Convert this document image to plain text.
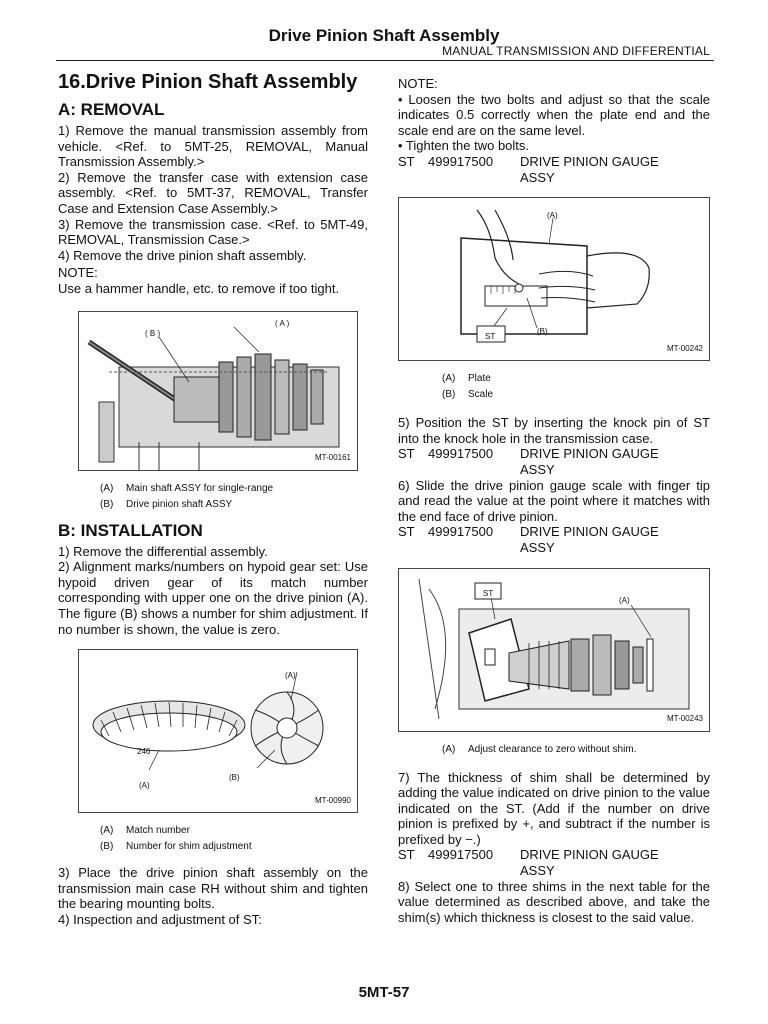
Drive Pinion Shaft Assembly
MANUAL TRANSMISSION AND DIFFERENTIAL
16.Drive Pinion Shaft Assembly
A: REMOVAL

1) Remove the manual transmission assembly from vehicle. <Ref. to 5MT-25, REMOVAL, Manual Transmission Assembly.>

2) Remove the transfer case with extension case assembly. <Ref. to 5MT-37, REMOVAL, Transfer Case and Extension Case Assembly.>

3) Remove the transmission case. <Ref. to 5MT-49, REMOVAL, Transmission Case.>

4) Remove the drive pinion shaft assembly.

NOTE:

Use a hammer handle, etc. to remove if too tight.

( A )
( B )
MT-00161
(A)	Main shaft ASSY for single-range
(B)	Drive pinion shaft ASSY
B: INSTALLATION

1) Remove the differential assembly.

2) Alignment marks/numbers on hypoid gear set: Use hypoid driven gear of its match number corresponding with upper one on the drive pinion (A). The figure (B) shows a number for shim adjustment. If no number is shown, the value is zero.

(A)
246
(A)
(B)
MT-00990
(A)	Match number
(B)	Number for shim adjustment

3) Place the drive pinion shaft assembly on the transmission main case RH without shim and tighten the bearing mounting bolts.

4) Inspection and adjustment of ST:

NOTE:

• Loosen the two bolts and adjust so that the scale indicates 0.5 correctly when the plate end and the scale end are on the same level.

• Tighten the two bolts.

ST	499917500	DRIVE PINION GAUGE
ASSY
(A)
ST
(B)
MT-00242
(A)	Plate
(B)	Scale

5) Position the ST by inserting the knock pin of ST into the knock hole in the transmission case.

ST	499917500	DRIVE PINION GAUGE
ASSY

6) Slide the drive pinion gauge scale with finger tip and read the value at the point where it matches with the end face of drive pinion.

ST	499917500	DRIVE PINION GAUGE
ASSY
ST
(A)
MT-00243
(A)	Adjust clearance to zero without shim.

7) The thickness of shim shall be determined by adding the value indicated on drive pinion to the value indicated on the ST. (Add if the number on drive pinion is prefixed by +, and subtract if the number is prefixed by −.)

ST	499917500	DRIVE PINION GAUGE
ASSY

8) Select one to three shims in the next table for the value determined as described above, and take the shim(s) which thickness is closest to the said value.

5MT-57
